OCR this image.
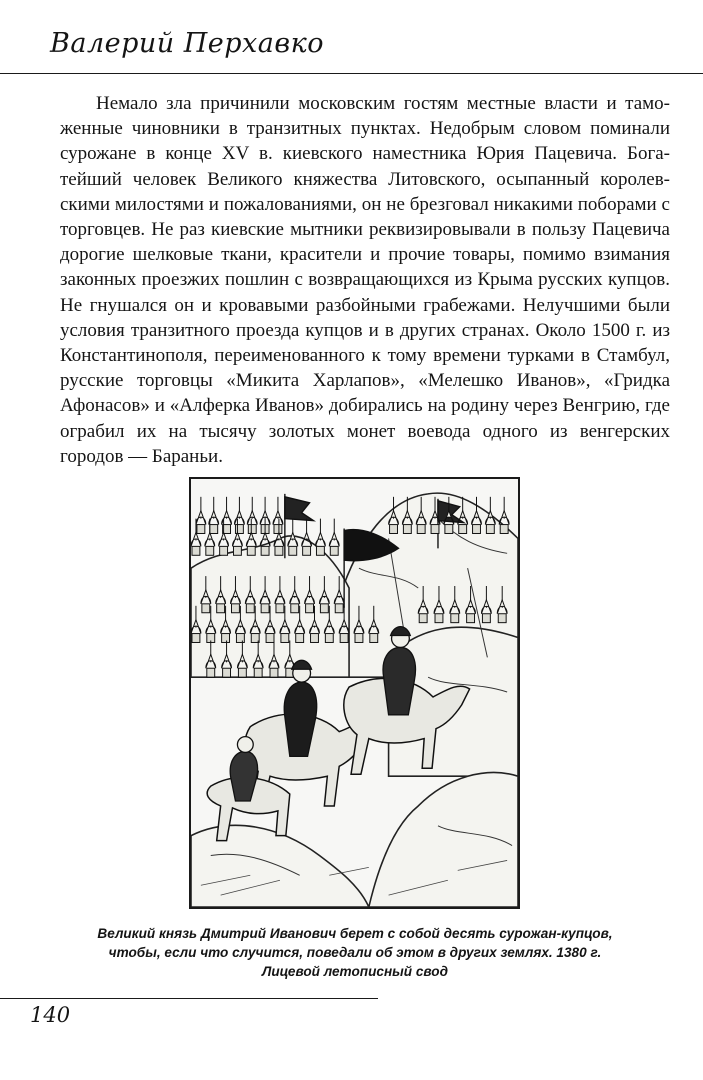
Валерий Перхавко

Немало зла причинили московским гостям местные власти и таможенные чиновники в транзитных пунктах. Недобрым словом поминали сурожане в конце XV в. киевского наместника Юрия Пацевича. Богатейший человек Великого княжества Литовского, осыпанный королевскими милостями и пожалованиями, он не брезговал никакими поборами с торговцев. Не раз киевские мытники реквизировывали в пользу Пацевича дорогие шелковые ткани, красители и прочие товары, помимо взимания законных проезжих пошлин с возвращающихся из Крыма русских купцов. Не гнушался он и кровавыми разбойными грабежами. Нелучшими были условия транзитного проезда купцов и в других странах. Около 1500 г. из Константинополя, переименованного к тому времени турками в Стамбул, русские торговцы «Микита Харлапов», «Мелешко Иванов», «Гридка Афонасов» и «Алферка Иванов» добирались на родину через Венгрию, где ограбил их на тысячу золотых монет воевода одного из венгерских городов — Бараньи.

Великий князь Дмитрий Иванович берет с собой десять сурожан-купцов,
чтобы, если что случится, поведали об этом в других землях. 1380 г.
Лицевой летописный свод
140
